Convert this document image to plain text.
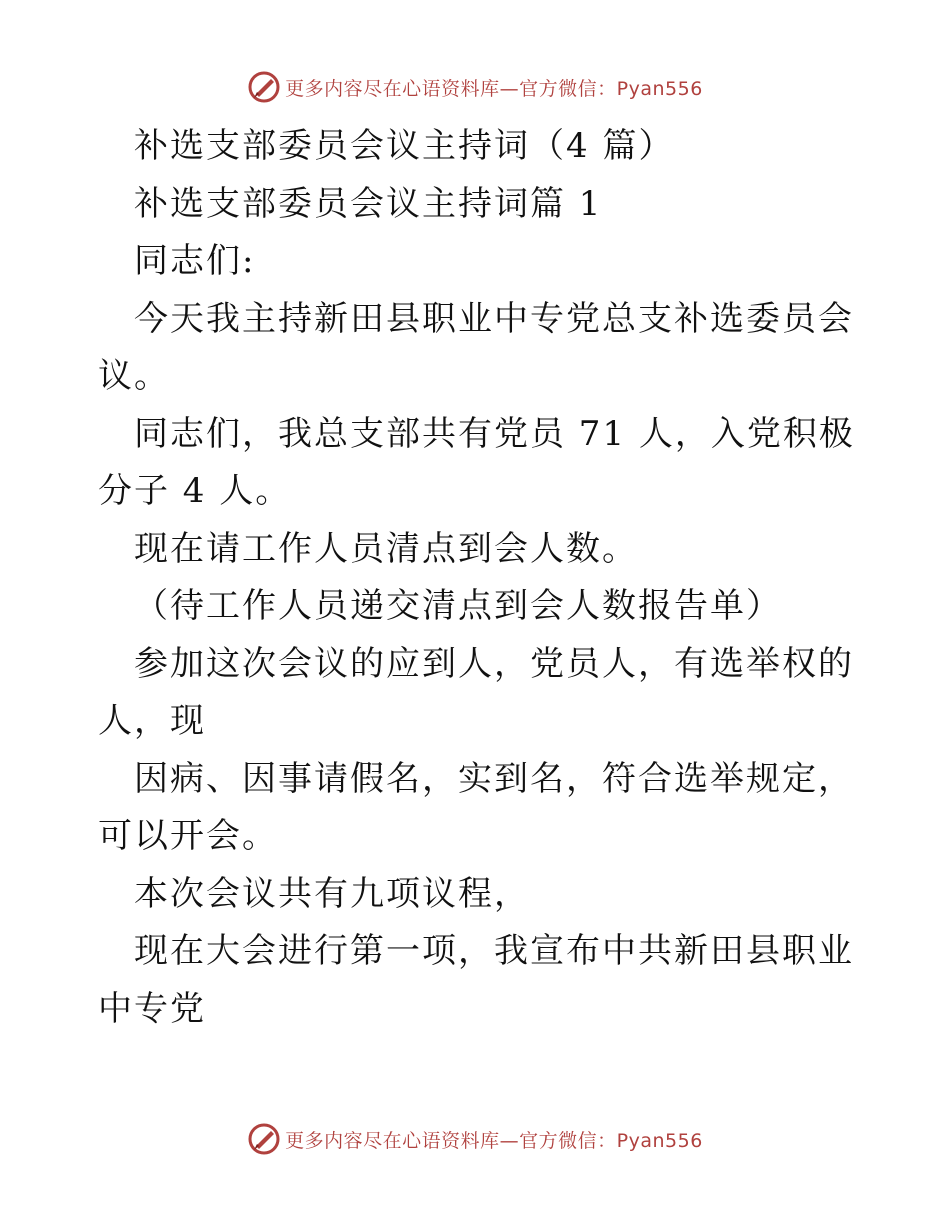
更多内容尽在心语资料库—官方微信：Pyan556

补选支部委员会议主持词（4 篇）

补选支部委员会议主持词篇 1

同志们:

今天我主持新田县职业中专党总支补选委员会议。

同志们，我总支部共有党员 71 人，入党积极分子 4 人。

现在请工作人员清点到会人数。

（待工作人员递交清点到会人数报告单）

参加这次会议的应到人，党员人，有选举权的人，现

因病、因事请假名，实到名，符合选举规定，可以开会。

本次会议共有九项议程，

现在大会进行第一项，我宣布中共新田县职业中专党

更多内容尽在心语资料库—官方微信：Pyan556
